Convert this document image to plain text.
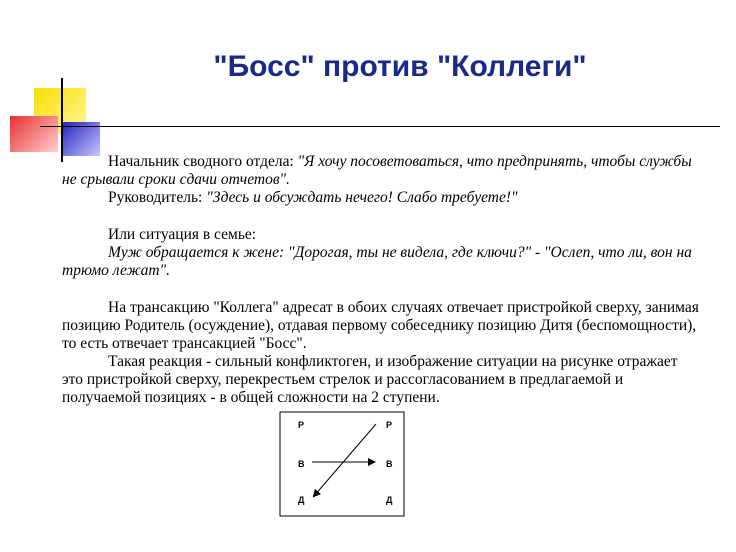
"Босс" против "Коллеги"

Начальник сводного отдела: "Я хочу посоветоваться, что предпринять, чтобы службы не срывали сроки сдачи отчетов".

Руководитель: "Здесь и обсуждать нечего! Слабо требуете!"

Или ситуация в семье:

Муж обращается к жене: "Дорогая, ты не видела, где ключи?" - "Ослеп, что ли, вон на трюмо лежат".

На трансакцию "Коллега" адресат в обоих случаях отвечает пристройкой сверху, занимая позицию Родитель (осуждение), отдавая первому собеседнику позицию Дитя (беспомощности), то есть отвечает трансакцией "Босс".

Такая реакция - сильный конфликтоген, и изображение ситуации на рисунке отражает это пристройкой сверху, перекрестьем стрелок и рассогласованием в предлагаемой и получаемой позициях - в общей сложности на 2 ступени.

Р
В
Д
Р
В
Д
